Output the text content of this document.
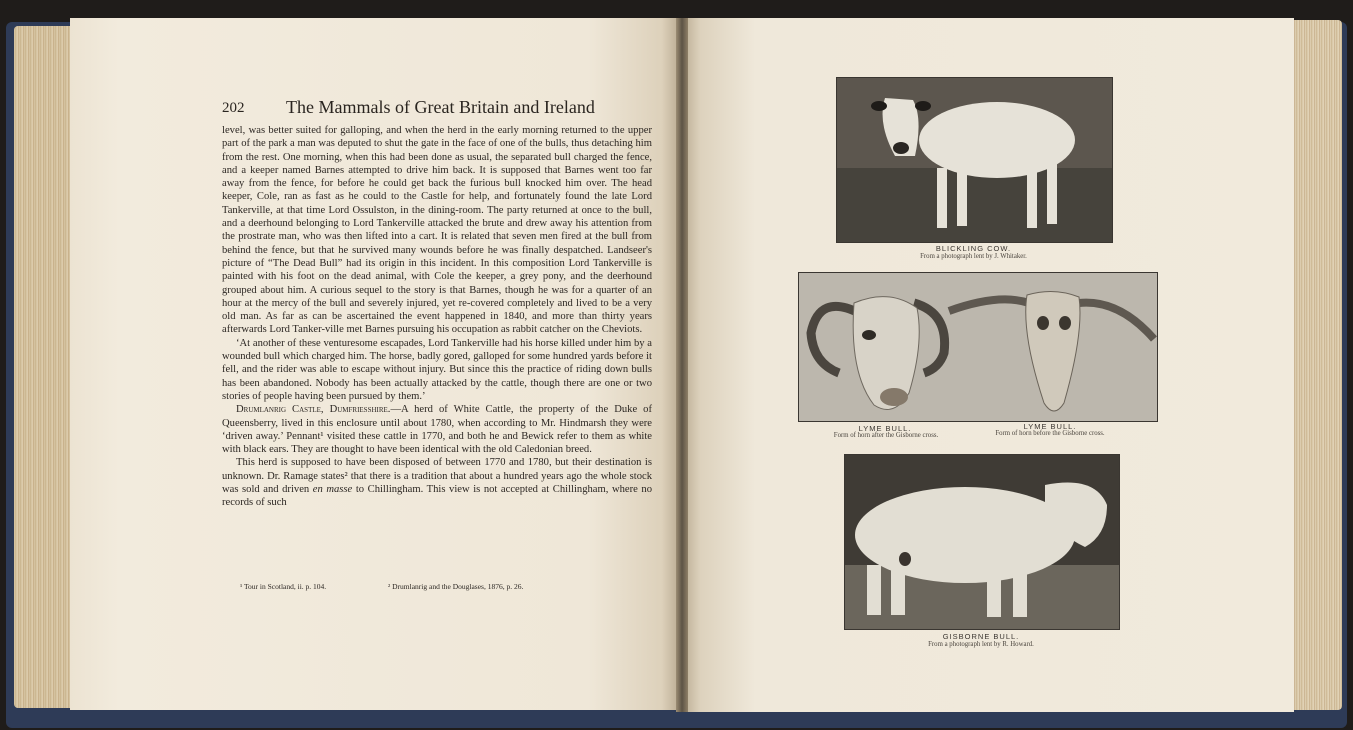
202 The Mammals of Great Britain and Ireland

level, was better suited for galloping, and when the herd in the early morning returned to the upper part of the park a man was deputed to shut the gate in the face of one of the bulls, thus detaching him from the rest. One morning, when this had been done as usual, the separated bull charged the fence, and a keeper named Barnes attempted to drive him back. It is supposed that Barnes went too far away from the fence, for before he could get back the furious bull knocked him over. The head keeper, Cole, ran as fast as he could to the Castle for help, and fortunately found the late Lord Tankerville, at that time Lord Ossulston, in the dining-room. The party returned at once to the bull, and a deerhound belonging to Lord Tankerville attacked the brute and drew away his attention from the prostrate man, who was then lifted into a cart. It is related that seven men fired at the bull from behind the fence, but that he survived many wounds before he was finally despatched. Landseer's picture of “The Dead Bull” had its origin in this incident. In this composition Lord Tankerville is painted with his foot on the dead animal, with Cole the keeper, a grey pony, and the deerhound grouped about him. A curious sequel to the story is that Barnes, though he was for a quarter of an hour at the mercy of the bull and severely injured, yet re-covered completely and lived to be a very old man. As far as can be ascertained the event happened in 1840, and more than thirty years afterwards Lord Tanker-ville met Barnes pursuing his occupation as rabbit catcher on the Cheviots.

‘At another of these venturesome escapades, Lord Tankerville had his horse killed under him by a wounded bull which charged him. The horse, badly gored, galloped for some hundred yards before it fell, and the rider was able to escape without injury. But since this the practice of riding down bulls has been abandoned. Nobody has been actually attacked by the cattle, though there are one or two stories of people having been pursued by them.’

Drumlanrig Castle, Dumfriesshire.—A herd of White Cattle, the property of the Duke of Queensberry, lived in this enclosure until about 1780, when according to Mr. Hindmarsh they were ‘driven away.’ Pennant¹ visited these cattle in 1770, and both he and Bewick refer to them as white with black ears. They are thought to have been identical with the old Caledonian breed.

This herd is supposed to have been disposed of between 1770 and 1780, but their destination is unknown. Dr. Ramage states² that there is a tradition that about a hundred years ago the whole stock was sold and driven en masse to Chillingham. This view is not accepted at Chillingham, where no records of such

¹ Tour in Scotland, ii. p. 104.	² Drumlanrig and the Douglases, 1876, p. 26.
BLICKLING COW.
From a photograph lent by J. Whitaker.
LYME BULL.
Form of horn after the Gisborne cross.
LYME BULL.
Form of horn before the Gisborne cross.
GISBORNE BULL.
From a photograph lent by R. Howard.
